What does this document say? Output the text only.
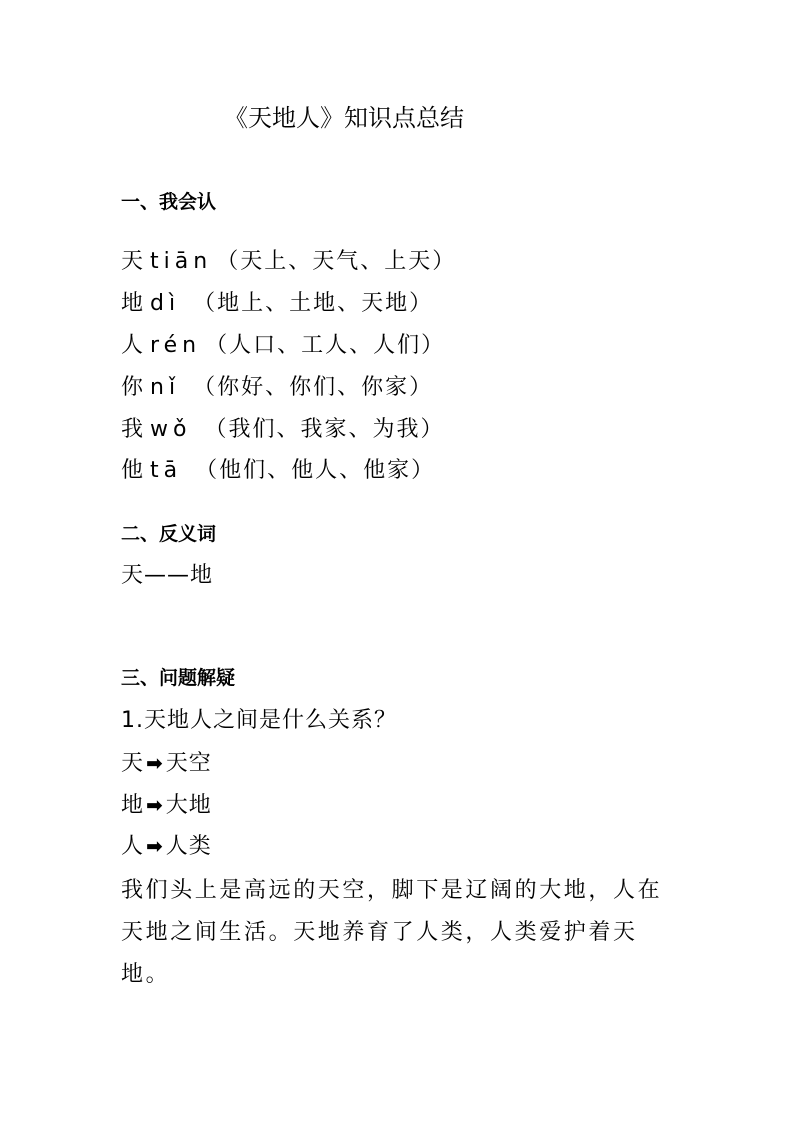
《天地人》知识点总结
一、我会认
天 tiān （天上、天气、上天）
地 dì （地上、土地、天地）
人 rén （人口、工人、人们）
你 nǐ （你好、你们、你家）
我 wǒ （我们、我家、为我）
他 tā （他们、他人、他家）
二、反义词
天——地
三、问题解疑
1.天地人之间是什么关系？
天 ➡天空
地 ➡大地
人 ➡人类
我们头上是高远的天空，脚下是辽阔的大地，人在天地之间生活。天地养育了人类，人类爱护着天地。
